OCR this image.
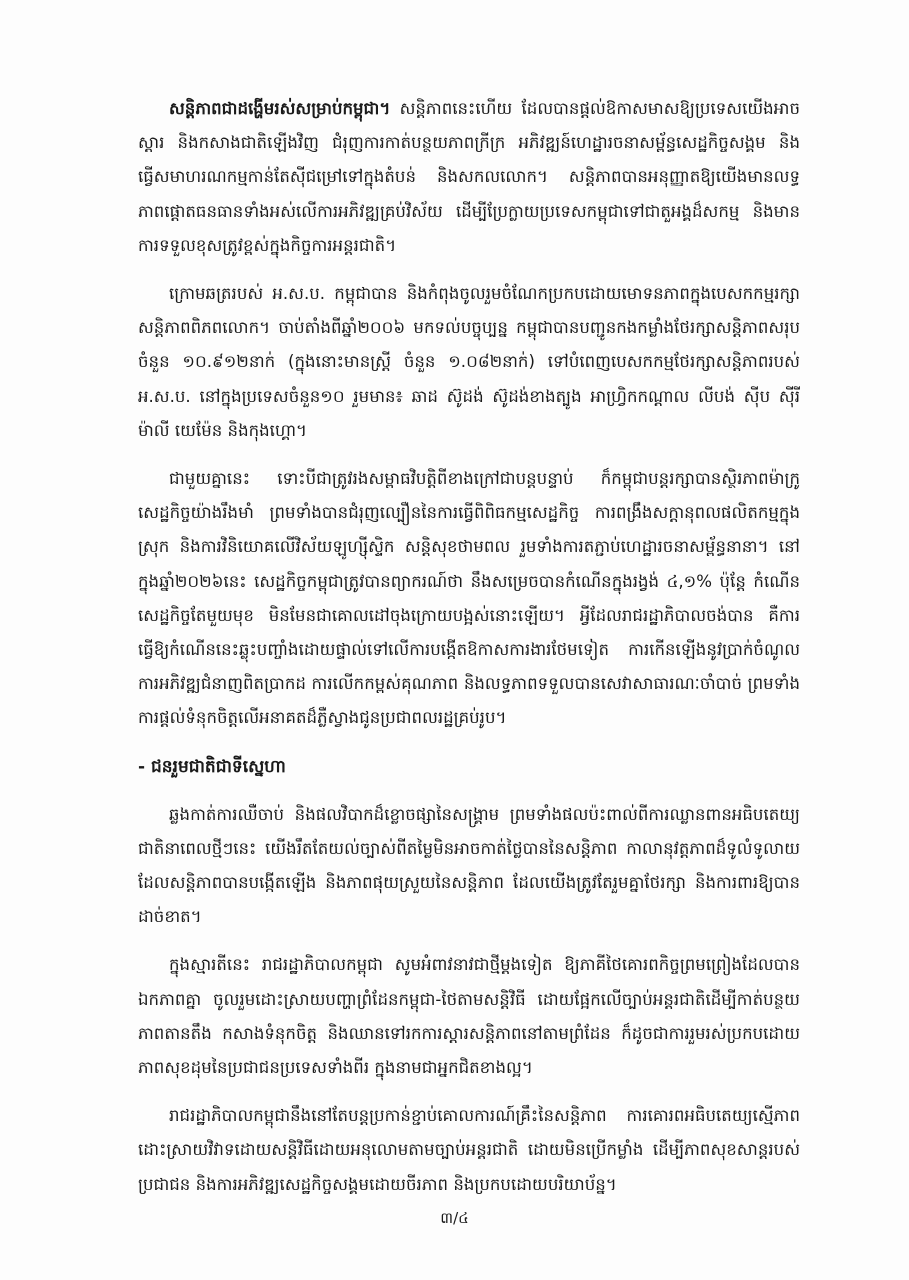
សន្តិភាពជាដង្ហើមរស់សម្រាប់កម្ពុជា។ សន្តិភាពនេះហើយ ដែលបានផ្តល់ឱកាសមាសឱ្យប្រទេសយើងអាចស្តារ និងកសាងជាតិឡើងវិញ ជំរុញការកាត់បន្ថយភាពក្រីក្រ អភិវឌ្ឍន៍ហេដ្ឋារចនាសម្ព័ន្ធសេដ្ឋកិច្ចសង្គម និងធ្វើសមាហរណកម្មកាន់តែស៊ីជម្រៅទៅក្នុងតំបន់ និងសកលលោក។ សន្តិភាពបានអនុញ្ញាតឱ្យយើងមានលទ្ធភាពផ្តោតធនធានទាំងអស់លើការអភិវឌ្ឍគ្រប់វិស័យ ដើម្បីប្រែក្លាយប្រទេសកម្ពុជាទៅជាតួអង្គដ៏សកម្ម និងមានការទទួលខុសត្រូវខ្ពស់ក្នុងកិច្ចការអន្តរជាតិ។

ក្រោមឆត្ររបស់ អ.ស.ប. កម្ពុជាបាន និងកំពុងចូលរួមចំណែកប្រកបដោយមោទនភាពក្នុងបេសកកម្មរក្សាសន្តិភាពពិភពលោក។ ចាប់តាំងពីឆ្នាំ២០០៦ មកទល់បច្ចុប្បន្ន កម្ពុជាបានបញ្ជូនកងកម្លាំងថែរក្សាសន្តិភាពសរុបចំនួន ១០.៩១២នាក់ (ក្នុងនោះមានស្ត្រី ចំនួន ១.០៨២នាក់) ទៅបំពេញបេសកកម្មថែរក្សាសន្តិភាពរបស់ អ.ស.ប. នៅក្នុងប្រទេសចំនួន១០ រួមមាន៖ ឆាដ ស៊ូដង់ ស៊ូដង់ខាងត្បូង អាហ្វ្រិកកណ្តាល លីបង់ ស៊ីប ស៊ីរី ម៉ាលី យេម៉ែន និងកុងហ្គោ។

ជាមួយគ្នានេះ ទោះបីជាត្រូវរងសម្ពាធវិបត្តិពីខាងក្រៅជាបន្តបន្ទាប់ ក៏កម្ពុជាបន្តរក្សាបានស្ថិរភាពម៉ាក្រូសេដ្ឋកិច្ចយ៉ាងរឹងមាំ ព្រមទាំងបានជំរុញល្បឿននៃការធ្វើពិពិធកម្មសេដ្ឋកិច្ច ការពង្រឹងសក្តានុពលផលិតកម្មក្នុងស្រុក និងការវិនិយោគលើវិស័យឡូហ្ស៊ីស្ទិក សន្តិសុខថាមពល រួមទាំងការតភ្ជាប់ហេដ្ឋារចនាសម្ព័ន្ធនានា។ នៅក្នុងឆ្នាំ២០២៦នេះ សេដ្ឋកិច្ចកម្ពុជាត្រូវបានព្យាករណ៍ថា នឹងសម្រេចបានកំណើនក្នុងរង្វង់ ៤,១% ប៉ុន្តែ កំណើនសេដ្ឋកិច្ចតែមួយមុខ មិនមែនជាគោលដៅចុងក្រោយបង្អស់នោះឡើយ។ អ្វីដែលរាជរដ្ឋាភិបាលចង់បាន គឺការធ្វើឱ្យកំណើននេះឆ្លុះបញ្ចាំងដោយផ្ទាល់ទៅលើការបង្កើតឱកាសការងារថែមទៀត ការកើនឡើងនូវប្រាក់ចំណូល ការអភិវឌ្ឍជំនាញពិតប្រាកដ ការលើកកម្ពស់គុណភាព និងលទ្ធភាពទទួលបានសេវាសាធារណៈចាំបាច់ ព្រមទាំងការផ្តល់ទំនុកចិត្តលើអនាគតដ៏ភ្លឺស្វាងជូនប្រជាពលរដ្ឋគ្រប់រូប។

- ជនរួមជាតិជាទីស្នេហា

ឆ្លងកាត់ការឈឺចាប់ និងផលវិបាកដ៏ខ្លោចផ្សានៃសង្គ្រាម ព្រមទាំងផលប៉ះពាល់ពីការឈ្លានពានអធិបតេយ្យជាតិនាពេលថ្មីៗនេះ យើងរឹតតែយល់ច្បាស់ពីតម្លៃមិនអាចកាត់ថ្លៃបាននៃសន្តិភាព កាលានុវត្តភាពដ៏ទូលំទូលាយដែលសន្តិភាពបានបង្កើតឡើង និងភាពផុយស្រួយនៃសន្តិភាព ដែលយើងត្រូវតែរួមគ្នាថែរក្សា និងការពារឱ្យបានដាច់ខាត។

ក្នុងស្មារតីនេះ រាជរដ្ឋាភិបាលកម្ពុជា សូមអំពាវនាវជាថ្មីម្តងទៀត ឱ្យភាគីថៃគោរពកិច្ចព្រមព្រៀងដែលបានឯកភាពគ្នា ចូលរួមដោះស្រាយបញ្ហាព្រំដែនកម្ពុជា-ថៃតាមសន្តិវិធី ដោយផ្អែកលើច្បាប់អន្តរជាតិដើម្បីកាត់បន្ថយភាពតានតឹង កសាងទំនុកចិត្ត និងឈានទៅរកការស្តារសន្តិភាពនៅតាមព្រំដែន ក៏ដូចជាការរួមរស់ប្រកបដោយភាពសុខដុមនៃប្រជាជនប្រទេសទាំងពីរ ក្នុងនាមជាអ្នកជិតខាងល្អ។

រាជរដ្ឋាភិបាលកម្ពុជានឹងនៅតែបន្តប្រកាន់ខ្ជាប់គោលការណ៍គ្រឹះនៃសន្តិភាព ការគោរពអធិបតេយ្យស្មើភាព ដោះស្រាយវិវាទដោយសន្តិវិធីដោយអនុលោមតាមច្បាប់អន្តរជាតិ ដោយមិនប្រើកម្លាំង ដើម្បីភាពសុខសាន្តរបស់ប្រជាជន និងការអភិវឌ្ឍសេដ្ឋកិច្ចសង្គមដោយចីរភាព និងប្រកបដោយបរិយាប័ន្ន។

៣/៤
